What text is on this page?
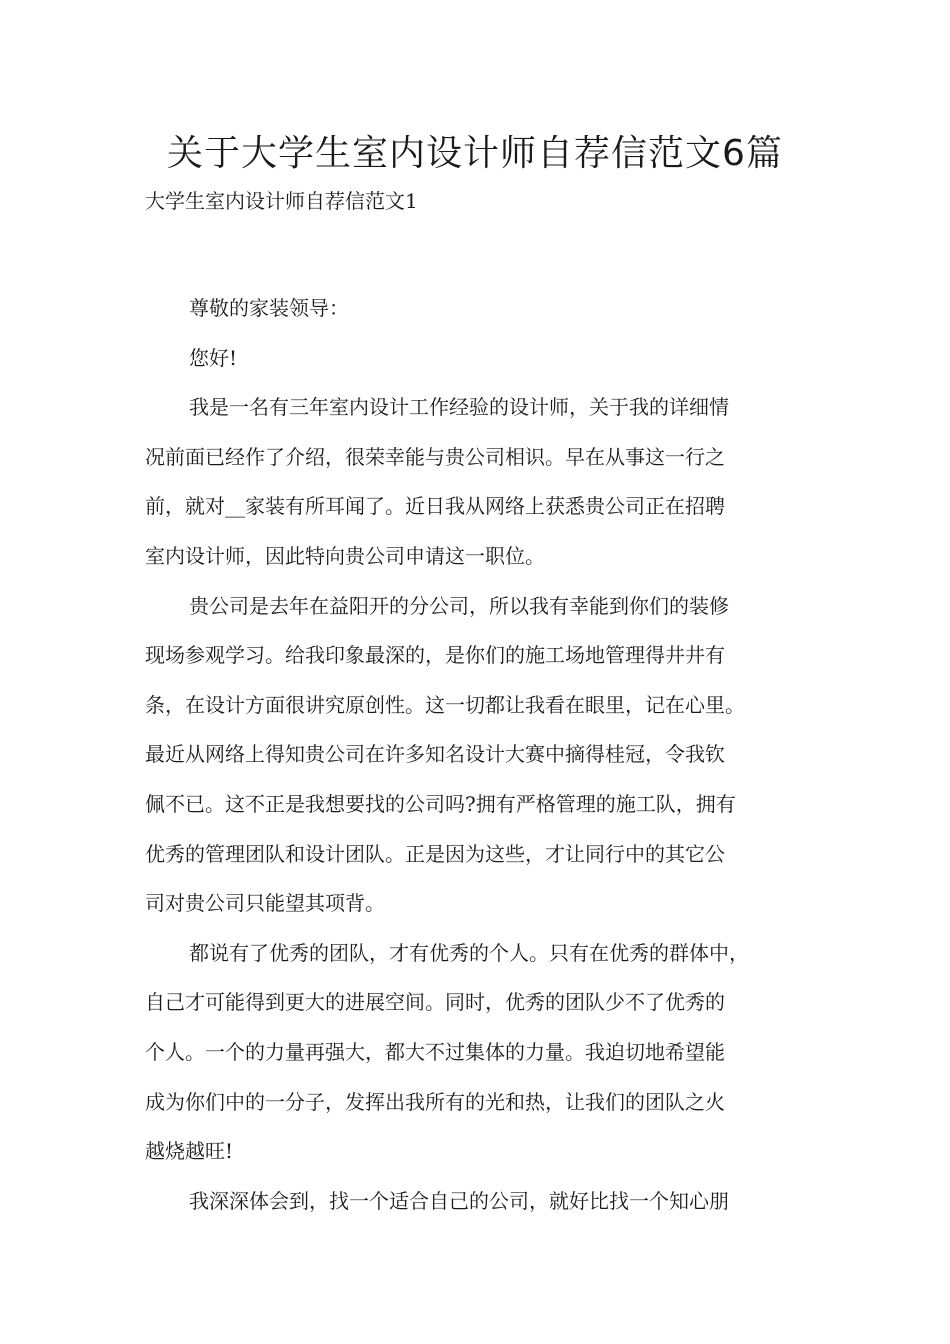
关于大学生室内设计师自荐信范文6篇
大学生室内设计师自荐信范文1
尊敬的家装领导：
您好!
我是一名有三年室内设计工作经验的设计师，关于我的详细情
况前面已经作了介绍，很荣幸能与贵公司相识。早在从事这一行之
前，就对__家装有所耳闻了。近日我从网络上获悉贵公司正在招聘
室内设计师，因此特向贵公司申请这一职位。
贵公司是去年在益阳开的分公司，所以我有幸能到你们的装修
现场参观学习。给我印象最深的，是你们的施工场地管理得井井有
条，在设计方面很讲究原创性。这一切都让我看在眼里，记在心里。
最近从网络上得知贵公司在许多知名设计大赛中摘得桂冠，令我钦
佩不已。这不正是我想要找的公司吗?拥有严格管理的施工队，拥有
优秀的管理团队和设计团队。正是因为这些，才让同行中的其它公
司对贵公司只能望其项背。
都说有了优秀的团队，才有优秀的个人。只有在优秀的群体中，
自己才可能得到更大的进展空间。同时，优秀的团队少不了优秀的
个人。一个的力量再强大，都大不过集体的力量。我迫切地希望能
成为你们中的一分子，发挥出我所有的光和热，让我们的团队之火
越烧越旺!
我深深体会到，找一个适合自己的公司，就好比找一个知心朋
